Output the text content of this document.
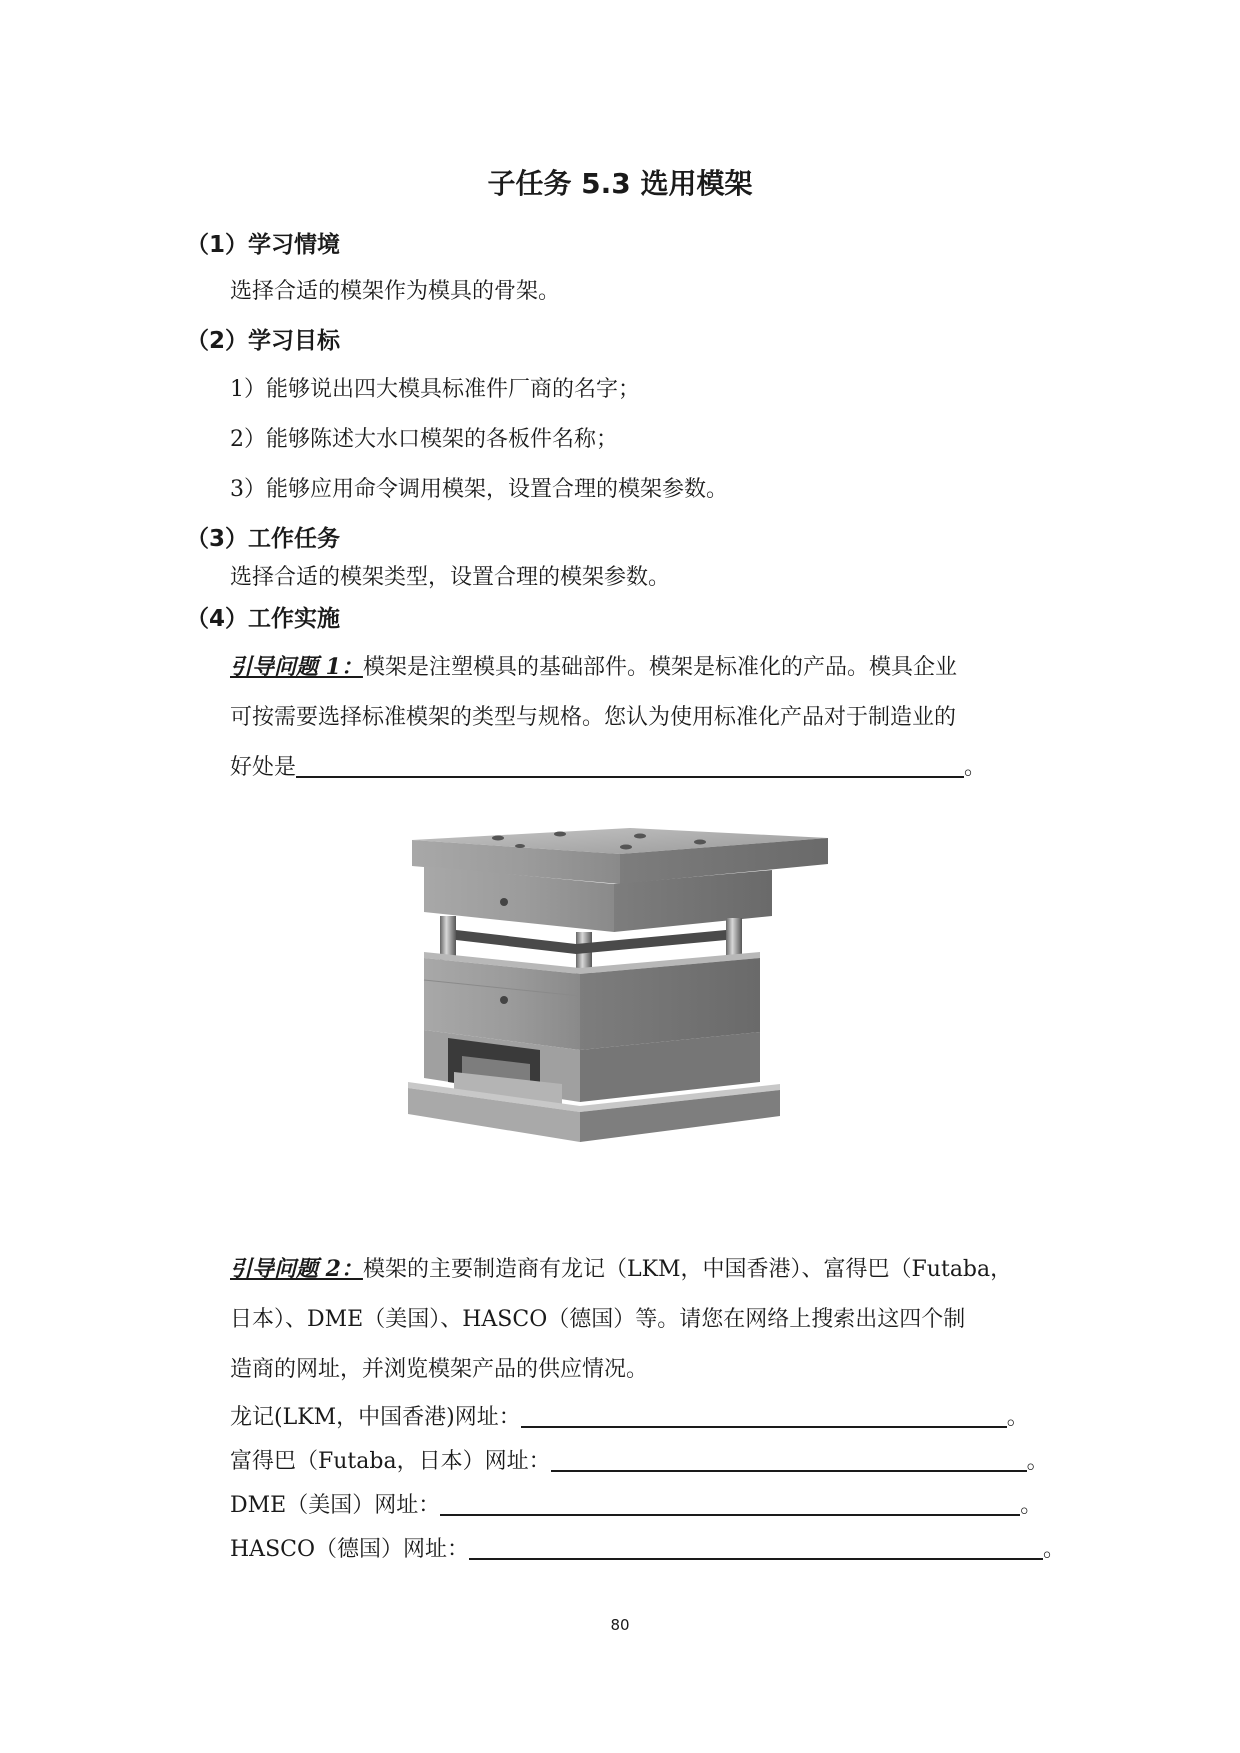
子任务 5.3 选用模架
（1）学习情境
选择合适的模架作为模具的骨架。
（2）学习目标
1）能够说出四大模具标准件厂商的名字；
2）能够陈述大水口模架的各板件名称；
3）能够应用命令调用模架，设置合理的模架参数。
（3）工作任务
选择合适的模架类型，设置合理的模架参数。
（4）工作实施
引导问题 1：模架是注塑模具的基础部件。模架是标准化的产品。模具企业
可按需要选择标准模架的类型与规格。您认为使用标准化产品对于制造业的
好处是	。
引导问题 2：模架的主要制造商有龙记（LKM，中国香港）、富得巴（Futaba，
日本）、DME（美国）、HASCO（德国）等。请您在网络上搜索出这四个制
造商的网址，并浏览模架产品的供应情况。
龙记(LKM，中国香港)网址：	。
富得巴（Futaba，日本）网址：	。
DME（美国）网址：	。
HASCO（德国）网址：	。
80
